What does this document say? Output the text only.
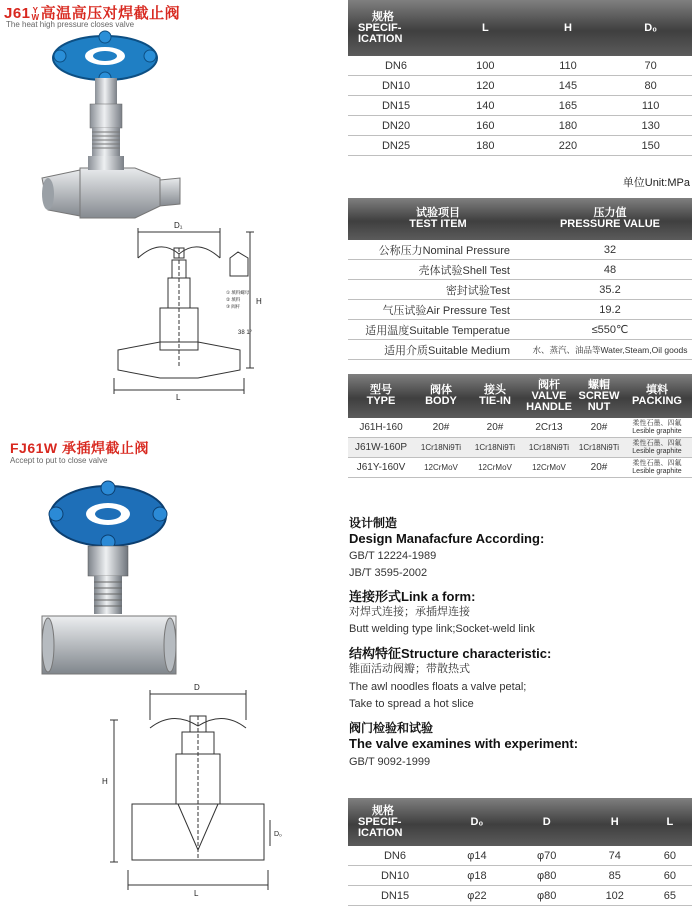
J61 Y
W高温高压对焊截止阀
The heat high pressure closes valve
D₁
H
L
38 1°
① 填料螺母
② 填料
③ 阀杆
FJ61W 承插焊截止阀
Accept to put to close valve
D
H
L
D₀
规格
SPECIF-
ICATION	L	H	D₀
DN6	100	110	70
DN10	120	145	80
DN15	140	165	110
DN20	160	180	130
DN25	180	220	150
单位Unit:MPa
试验项目
TEST ITEM	压力值
PRESSURE VALUE
公称压力Nominal Pressure	32
壳体试验Shell Test	48
密封试验Test	35.2
气压试验Air Pressure Test	19.2
适用温度Suitable Temperatue	≤550℃
适用介质Suitable Medium	水、蒸汽、油品等Water,Steam,Oil goods
型号
TYPE	阀体
BODY	接头
TIE-IN	阀杆
VALVE
HANDLE	螺帽
SCREW
NUT	填料
PACKING
J61H-160	20#	20#	2Cr13	20#	柔性石墨、四氟
Lesible graphite
J61W-160P	1Cr18Ni9Ti	1Cr18Ni9Ti	1Cr18Ni9Ti	1Cr18Ni9Ti	柔性石墨、四氟
Lesible graphite
J61Y-160V	12CrMoV	12CrMoV	12CrMoV	20#	柔性石墨、四氟
Lesible graphite
设计制造
Design Manafacfure According:
GB/T 12224-1989
JB/T 3595-2002
连接形式Link a form:
对焊式连接；承插焊连接
Butt welding type link;Socket-weld link
结构特征Structure characteristic:
锥面活动阀瓣；带散热式
The awl noodles floats a valve petal;
Take to spread a hot slice
阀门检验和试验
The valve examines with experiment:
GB/T 9092-1999
规格
SPECIF-
ICATION	D₀	D	H	L
DN6	φ14	φ70	74	60
DN10	φ18	φ80	85	60
DN15	φ22	φ80	102	65
